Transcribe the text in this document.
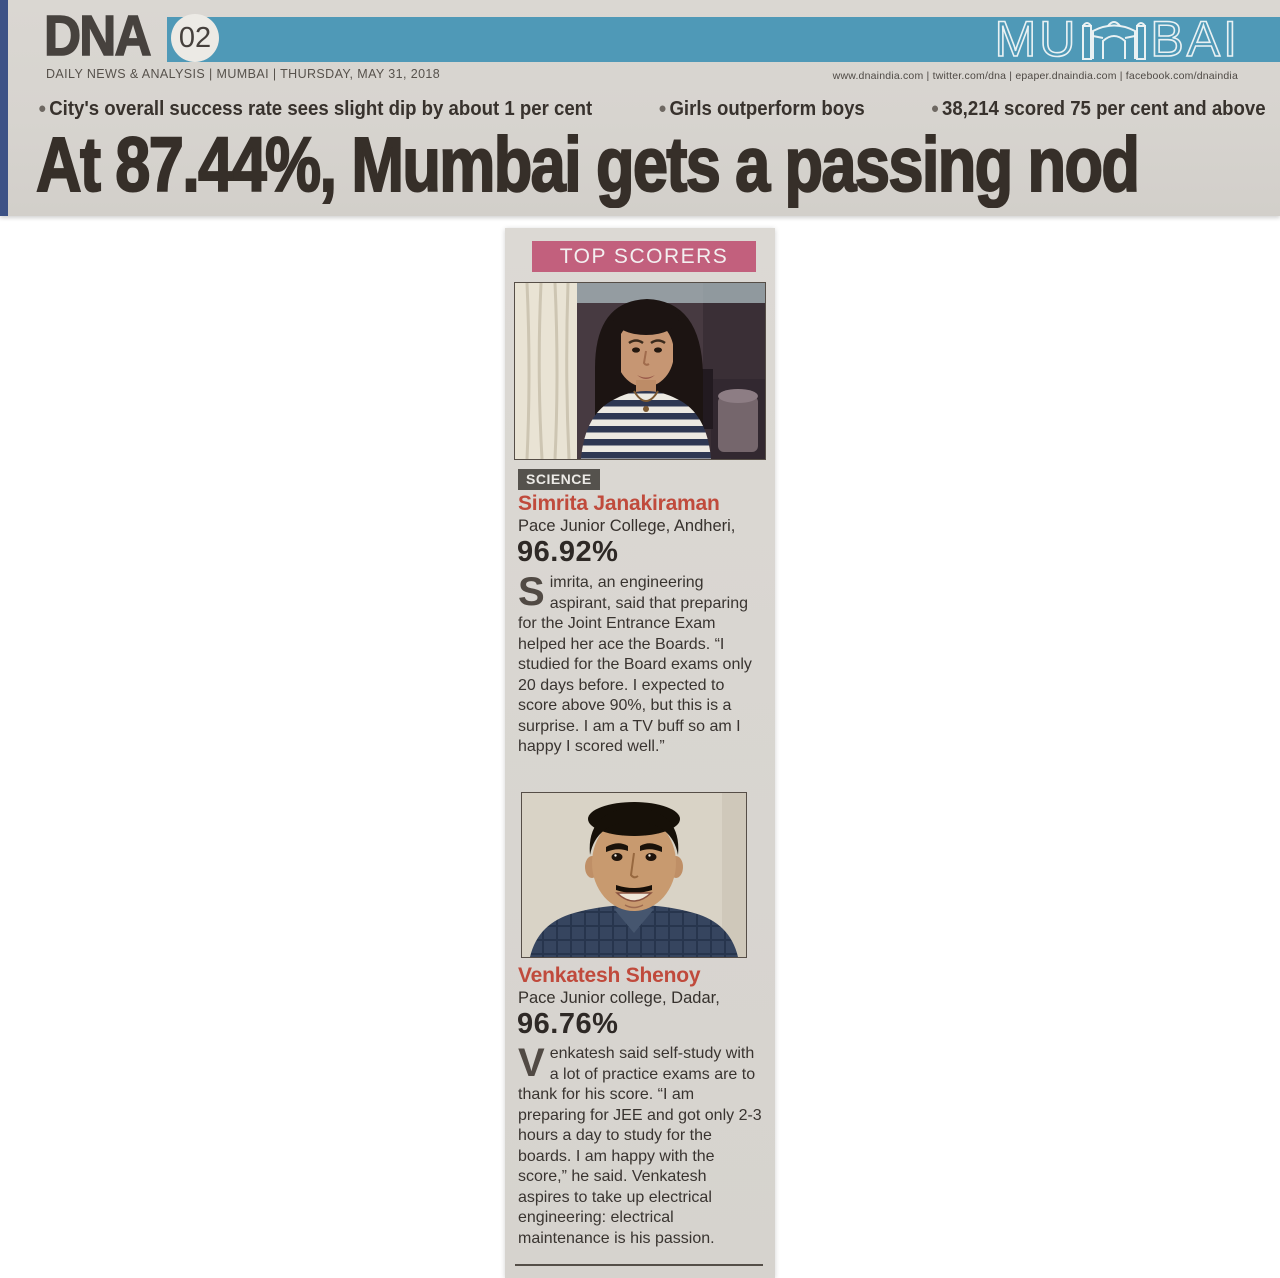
DNA	MU BAI
02
DAILY NEWS & ANALYSIS | MUMBAI | THURSDAY, MAY 31, 2018	www.dnaindia.com | twitter.com/dna | epaper.dnaindia.com | facebook.com/dnaindia
● City's overall success rate sees slight dip by about 1 per cent	● Girls outperform boys	● 38,214 scored 75 per cent and above
At 87.44%, Mumbai gets a passing nod
TOP SCORERS
SCIENCE
Simrita Janakiraman
Pace Junior College, Andheri,
96.92%

Simrita, an engineering aspirant, said that preparing for the Joint Entrance Exam helped her ace the Boards. “I studied for the Board exams only 20 days before. I expected to score above 90%, but this is a surprise. I am a TV buff so am I happy I scored well.”

Venkatesh Shenoy
Pace Junior college, Dadar,
96.76%

Venkatesh said self-study with a lot of practice exams are to thank for his score. “I am preparing for JEE and got only 2-3 hours a day to study for the boards. I am happy with the score,” he said. Venkatesh aspires to take up electrical engineering: electrical maintenance is his passion.
